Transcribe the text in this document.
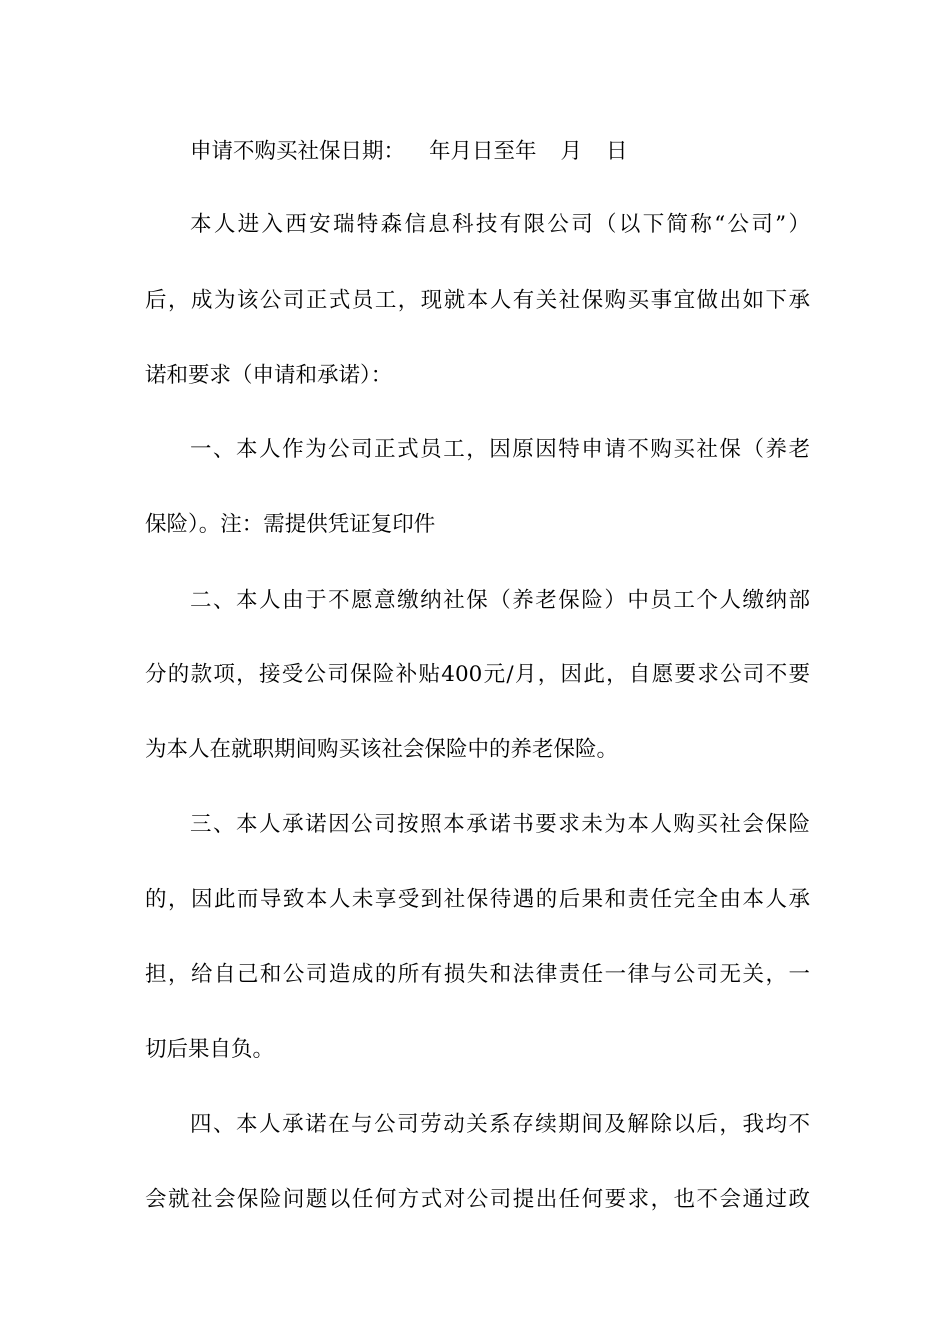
申请不购买社保日期： 年月日至年 月 日
本人进入西安瑞特森信息科技有限公司（以下简称“公司”）
后，成为该公司正式员工，现就本人有关社保购买事宜做出如下承
诺和要求（申请和承诺）：
一、本人作为公司正式员工，因原因特申请不购买社保（养老
保险）。注：需提供凭证复印件
二、本人由于不愿意缴纳社保（养老保险）中员工个人缴纳部
分的款项，接受公司保险补贴400元/月，因此，自愿要求公司不要
为本人在就职期间购买该社会保险中的养老保险。
三、本人承诺因公司按照本承诺书要求未为本人购买社会保险
的，因此而导致本人未享受到社保待遇的后果和责任完全由本人承
担，给自己和公司造成的所有损失和法律责任一律与公司无关，一
切后果自负。
四、本人承诺在与公司劳动关系存续期间及解除以后，我均不
会就社会保险问题以任何方式对公司提出任何要求，也不会通过政
